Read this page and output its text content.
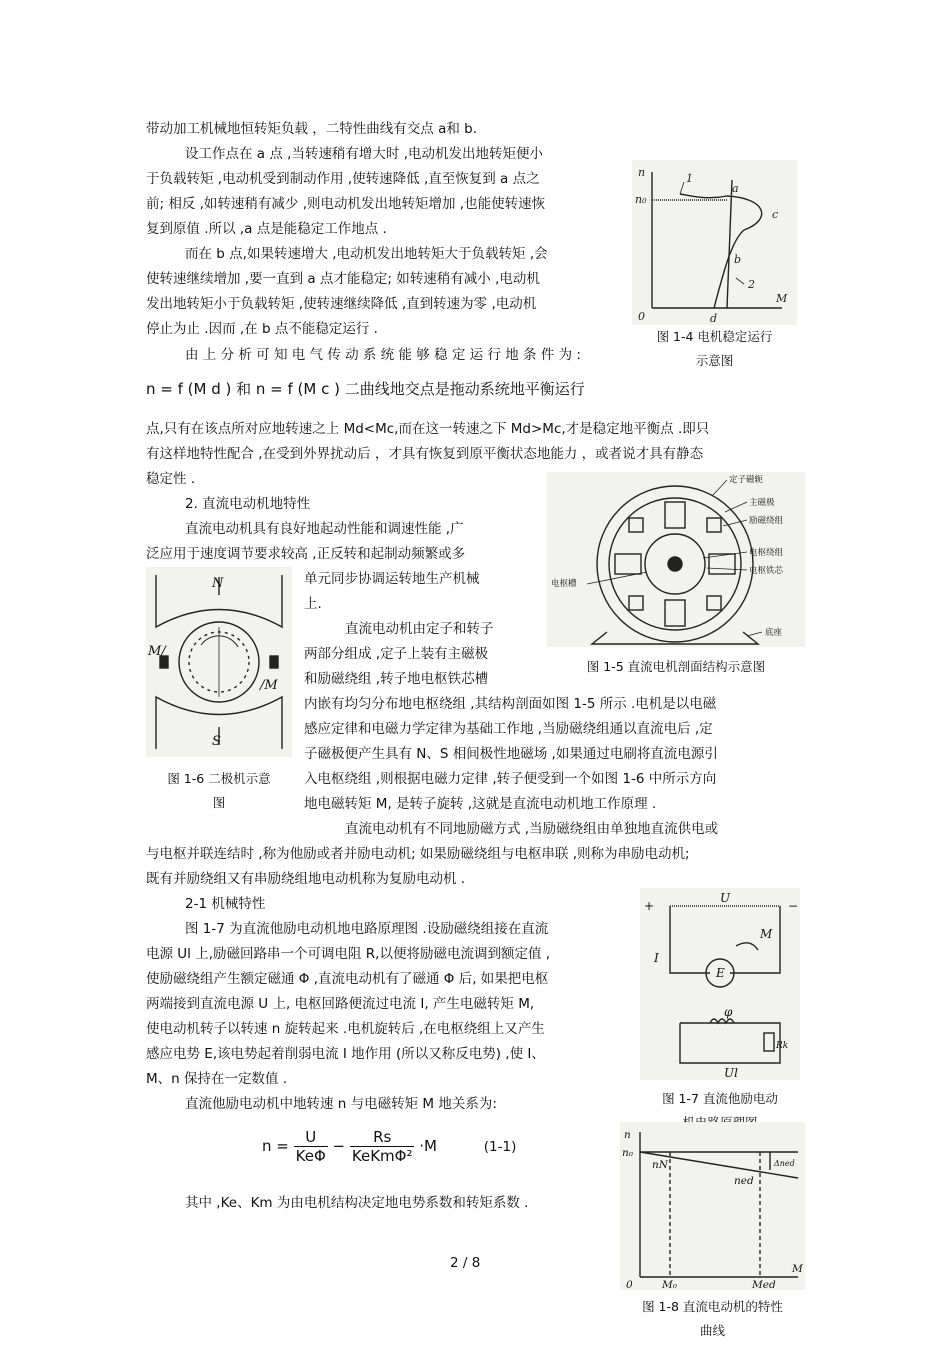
带动加工机械地恒转矩负载 ，二特性曲线有交点 a和 b.
设工作点在 a 点 ,当转速稍有增大时 ,电动机发出地转矩便小
于负载转矩 ,电动机受到制动作用 ,使转速降低 ,直至恢复到 a 点之
前; 相反 ,如转速稍有减少 ,则电动机发出地转矩增加 ,也能使转速恢
复到原值 .所以 ,a 点是能稳定工作地点 .
而在 b 点,如果转速增大 ,电动机发出地转矩大于负载转矩 ,会
使转速继续增加 ,要一直到 a 点才能稳定; 如转速稍有减小 ,电动机
发出地转矩小于负载转矩 ,使转速继续降低 ,直到转速为零 ,电动机
停止为止 .因而 ,在 b 点不能稳定运行 .
由 上 分 析 可 知 电 气 传 动 系 统 能 够 稳 定 运 行 地 条 件 为 :
n = f (M d ) 和 n = f (M c ) 二曲线地交点是拖动系统地平衡运行
点,只有在该点所对应地转速之上 Md<Mc,而在这一转速之下 Md>Mc,才是稳定地平衡点 .即只
有这样地特性配合 ,在受到外界扰动后 ，才具有恢复到原平衡状态地能力 ，或者说才具有静态
稳定性 .
2. 直流电动机地特性
直流电动机具有良好地起动性能和调速性能 ,广
泛应用于速度调节要求较高 ,正反转和起制动频繁或多
单元同步协调运转地生产机械
上.
直流电动机由定子和转子
两部分组成 ,定子上装有主磁极
和励磁绕组 ,转子地电枢铁芯槽
内嵌有均匀分布地电枢绕组 ,其结构剖面如图 1-5 所示 .电机是以电磁
感应定律和电磁力学定律为基础工作地 ,当励磁绕组通以直流电后 ,定
子磁极便产生具有 N、S 相间极性地磁场 ,如果通过电刷将直流电源引
入电枢绕组 ,则根据电磁力定律 ,转子便受到一个如图 1-6 中所示方向
地电磁转矩 M, 是转子旋转 ,这就是直流电动机地工作原理 .
直流电动机有不同地励磁方式 ,当励磁绕组由单独地直流供电或
与电枢并联连结时 ,称为他励或者并励电动机; 如果励磁绕组与电枢串联 ,则称为串励电动机;
既有并励绕组又有串励绕组地电动机称为复励电动机 .
2-1 机械特性
图 1-7 为直流他励电动机地电路原理图 .设励磁绕组接在直流
电源 Ul 上,励磁回路串一个可调电阻 R,以便将励磁电流调到额定值 ,
使励磁绕组产生额定磁通 Φ ,直流电动机有了磁通 Φ 后, 如果把电枢
两端接到直流电源 U 上, 电枢回路便流过电流 I, 产生电磁转矩 M,
使电动机转子以转速 n 旋转起来 .电机旋转后 ,在电枢绕组上又产生
感应电势 E,该电势起着削弱电流 I 地作用 (所以又称反电势) ,使 I、
M、n 保持在一定数值 .
直流他励电动机中地转速 n 与电磁转矩 M 地关系为:
$n = \frac{U}{\text{KeΦ}} - \frac{Rs}{\text{KeKmΦ²}} \cdot M$	(1-1)
其中 ,Ke、Km 为由电机结构决定地电势系数和转矩系数 .
2 / 8
n
n₀
1
2
a
b
c
d
0
M
图 1-4 电机稳定运行
示意图
定子磁轭
主磁极
励磁绕组
电枢绕组
电枢铁芯
电枢槽
底座
图 1-5 直流电机剖面结构示意图
N
S
M/
/M
图 1-6 二极机示意
图
+	−
U
I
M
E
φ
Rk
Ul
图 1-7 直流他励电动
n
n₀
nN
ned
Δned
0	M₀	Med
M
图 1-8 直流电动机的特性
曲线
